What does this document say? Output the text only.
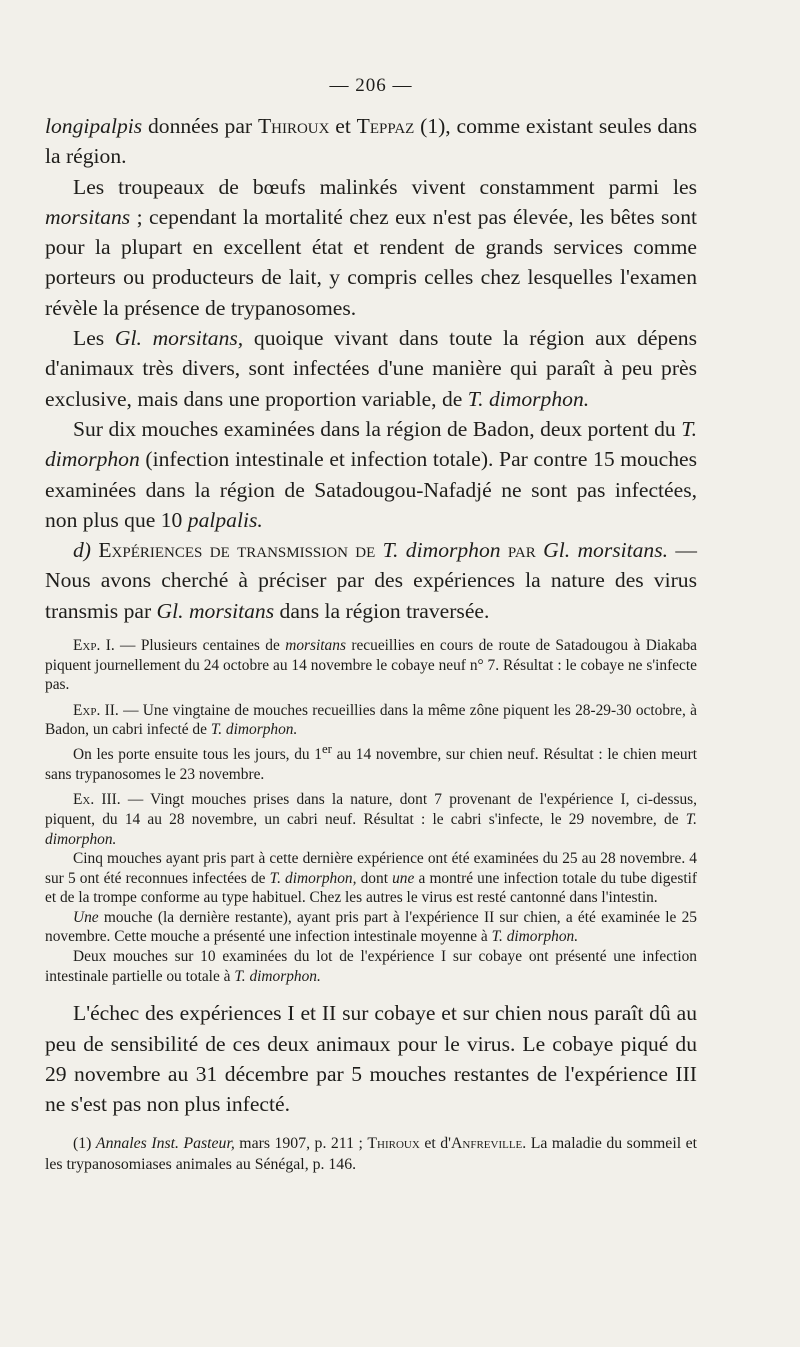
— 206 —

longipalpis données par Thiroux et Teppaz (1), comme existant seules dans la région.

Les troupeaux de bœufs malinkés vivent constamment parmi les morsitans ; cependant la mortalité chez eux n'est pas élevée, les bêtes sont pour la plupart en excellent état et rendent de grands services comme porteurs ou producteurs de lait, y compris celles chez lesquelles l'examen révèle la présence de trypanosomes.

Les Gl. morsitans, quoique vivant dans toute la région aux dépens d'animaux très divers, sont infectées d'une manière qui paraît à peu près exclusive, mais dans une proportion variable, de T. dimorphon.

Sur dix mouches examinées dans la région de Badon, deux portent du T. dimorphon (infection intestinale et infection totale). Par contre 15 mouches examinées dans la région de Satadougou-Nafadjé ne sont pas infectées, non plus que 10 palpalis.

d) Expériences de transmission de T. dimorphon par Gl. morsitans. — Nous avons cherché à préciser par des expériences la nature des virus transmis par Gl. morsitans dans la région traversée.

Exp. I. — Plusieurs centaines de morsitans recueillies en cours de route de Satadougou à Diakaba piquent journellement du 24 octobre au 14 novembre le cobaye neuf n° 7. Résultat : le cobaye ne s'infecte pas.

Exp. II. — Une vingtaine de mouches recueillies dans la même zône piquent les 28-29-30 octobre, à Badon, un cabri infecté de T. dimorphon.

On les porte ensuite tous les jours, du 1er au 14 novembre, sur chien neuf. Résultat : le chien meurt sans trypanosomes le 23 novembre.

Ex. III. — Vingt mouches prises dans la nature, dont 7 provenant de l'expérience I, ci-dessus, piquent, du 14 au 28 novembre, un cabri neuf. Résultat : le cabri s'infecte, le 29 novembre, de T. dimorphon.

Cinq mouches ayant pris part à cette dernière expérience ont été examinées du 25 au 28 novembre. 4 sur 5 ont été reconnues infectées de T. dimorphon, dont une a montré une infection totale du tube digestif et de la trompe conforme au type habituel. Chez les autres le virus est resté cantonné dans l'intestin.

Une mouche (la dernière restante), ayant pris part à l'expérience II sur chien, a été examinée le 25 novembre. Cette mouche a présenté une infection intestinale moyenne à T. dimorphon.

Deux mouches sur 10 examinées du lot de l'expérience I sur cobaye ont présenté une infection intestinale partielle ou totale à T. dimorphon.

L'échec des expériences I et II sur cobaye et sur chien nous paraît dû au peu de sensibilité de ces deux animaux pour le virus. Le cobaye piqué du 29 novembre au 31 décembre par 5 mouches restantes de l'expérience III ne s'est pas non plus infecté.

(1) Annales Inst. Pasteur, mars 1907, p. 211 ; Thiroux et d'Anfreville. La maladie du sommeil et les trypanosomiases animales au Sénégal, p. 146.
